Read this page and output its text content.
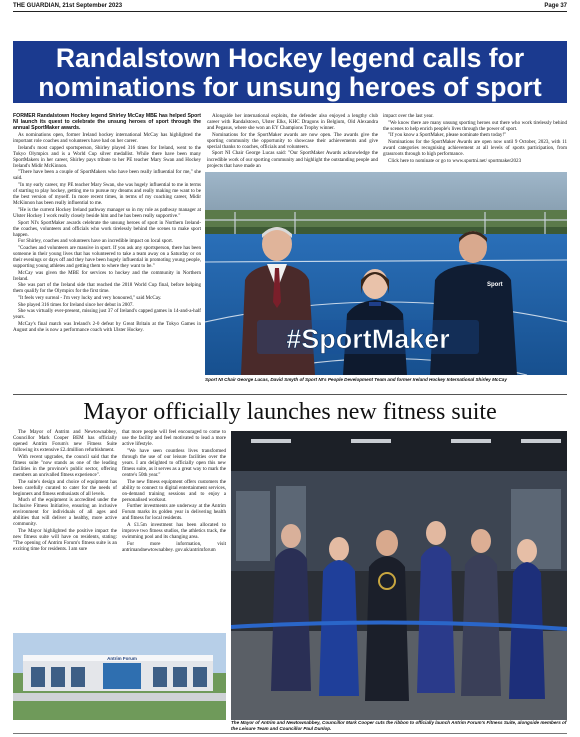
THE GUARDIAN, 21st September 2023	Page 37
Randalstown Hockey legend calls for
nominations for unsung heroes of sport

FORMER Randalstown Hockey legend Shirley McCay MBE has helped Sport NI launch its quest to celebrate the unsung heroes of sport through the annual SportMaker awards.

As nominations open, former Ireland hockey international McCay has highlighted the important role coaches and volunteers have had on her career.

Ireland's most capped sportsperson, Shirley played 316 times for Ireland, went to the Tokyo Olympics and is a World Cup silver medallist. While there have been many SportMakers in her career, Shirley pays tribute to her PE teacher Mary Swan and Hockey Ireland's Midir McKinnon.

"There have been a couple of SportMakers who have been really influential for me," she said.

"In my early career, my PE teacher Mary Swan, she was hugely influential to me in terms of starting to play hockey, getting me to pursue my dreams and really making me want to be the best version of myself. In more recent times, in terms of my coaching career, Midir McKinnon has been really influential to me.

"He is the current Hockey Ireland pathway manager so in my role as pathway manager at Ulster Hockey I work really closely beside him and he has been really supportive."

Sport NI's SportMaker awards celebrate the unsung heroes of sport in Northern Ireland- the coaches, volunteers and officials who work tirelessly behind the scenes to make sport happen.

For Shirley, coaches and volunteers have an incredible impact on local sport.

"Coaches and volunteers are massive in sport. If you ask any sportsperson, there has been someone in their young lives that has volunteered to take a team away on a Saturday or on their evenings or days off and they have been hugely influential in promoting young people, supporting young athletes and getting them to where they want to be."

McCay was given the MBE for services to hockey and the community in Northern Ireland.

She was part of the Ireland side that reached the 2018 World Cup final, before helping them qualify for the Olympics for the first time.

"It feels very surreal - I'm very lucky and very honoured," said McCay.

She played 316 times for Ireland since her debut in 2007.

She was virtually ever-present, missing just 37 of Ireland's capped games in 14-and-a-half years.

McCay's final match was Ireland's 2-0 defeat by Great Britain at the Tokyo Games in August and she is now a performance coach with Ulster Hockey.

Alongside her international exploits, the defender also enjoyed a lengthy club career with Randalstown, Ulster Elks, KHC Dragons in Belgium, Old Alexandra and Pegasus, where she won an EY Champions Trophy winner.

Nominations for the SportMaker awards are now open. The awards give the sporting community the opportunity to showcase their achievements and give special thanks to coaches, officials and volunteers.

Sport NI Chair George Lucas said: "Our SportMaker Awards acknowledge the incredible work of our sporting community and highlight the outstanding people and projects that have made an

impact over the last year.

"We know there are many unsung sporting heroes out there who work tirelessly behind the scenes to help enrich people's lives through the power of sport.

"If you know a SportMaker, please nominate them today!"

Nominations for the SportMaker Awards are open now until 9 October, 2023, with 11 award categories recognising achievement at all levels of sports participation, from grassroots through to high performance.

Click here to nominate or go to www.sportni.net/ sportmaker2023

Sport
#SportMaker
Sport NI Chair George Lucas, David Smyth of Sport NI's People Development Team and former Ireland Hockey International Shirley McCay
Mayor officially launches new fitness suite

The Mayor of Antrim and Newtownabbey, Councillor Mark Cooper BEM has officially opened Antrim Forum's new Fitness Suite following its extensive £2.4million refurbishment.

With recent upgrades, the council said that the fitness suite "now stands as one of the leading facilities in the province's public sector, offering members an unrivalled fitness experience".

The suite's design and choice of equipment has been carefully curated to cater for the needs of beginners and fitness enthusiasts of all levels.

Much of the equipment is accredited under the Inclusive Fitness Initiative, ensuring an inclusive environment for individuals of all ages and abilities that will deliver a healthy, more active community.

The Mayor highlighted the positive impact the new fitness suite will have on residents, stating: "The opening of Antrim Forum's fitness suite is an exciting time for residents. I am sure

that more people will feel encouraged to come to use the facility and feel motivated to lead a more active lifestyle.

"We have seen countless lives transformed through the use of our leisure facilities over the years. I am delighted to officially open this new fitness suite, as it serves as a great way to mark the centre's 50th year."

The new fitness equipment offers customers the ability to connect to digital entertainment services, on-demand training sessions and to enjoy a personalised workout.

Further investments are underway at the Antrim Forum marks its golden year in delivering health and fitness for local residents.

A £1.5m investment has been allocated to improve two fitness studios, the athletics track, the swimming pool and its changing area.

For more information, visit antrimandnewtownabbey. gov.uk/antrimforum

Antrim Forum
The Mayor of Antrim and Newtownabbey, Councillor Mark Cooper cuts the ribbon to officially launch Antrim Forum's Fitness Suite, alongside members of the Leisure Team and Councillor Paul Dunlop.
